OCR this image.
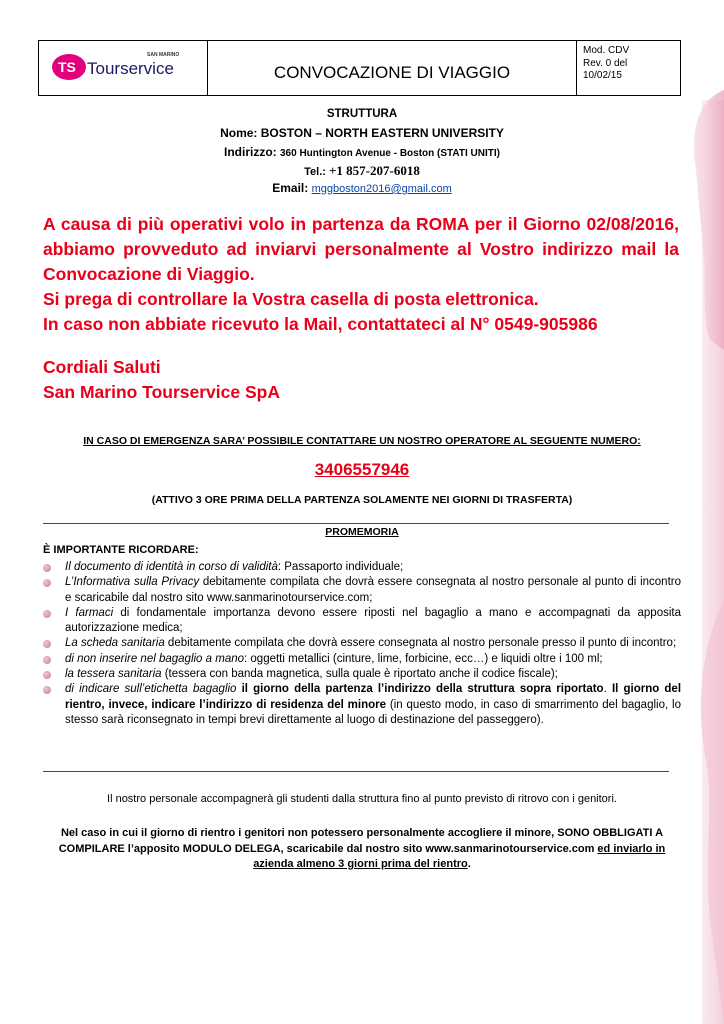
TS
SAN MARINO
Tourservice	CONVOCAZIONE DI VIAGGIO
Mod. CDV
Rev. 0 del
10/02/15
STRUTTURA
Nome: BOSTON – NORTH EASTERN UNIVERSITY
Indirizzo: 360 Huntington Avenue - Boston (STATI UNITI)
Tel.: +1 857-207-6018
Email: mggboston2016@gmail.com

A causa di più operativi volo in partenza da ROMA per il Giorno 02/08/2016,

abbiamo provveduto ad inviarvi personalmente al Vostro indirizzo mail la

Convocazione di Viaggio.

Si prega di controllare la Vostra casella di posta elettronica.

In caso non abbiate ricevuto la Mail, contattateci al N° 0549-905986

Cordiali Saluti
San Marino Tourservice SpA
IN CASO DI EMERGENZA SARA’ POSSIBILE CONTATTARE UN NOSTRO OPERATORE AL SEGUENTE NUMERO:
3406557946
(ATTIVO 3 ORE PRIMA DELLA PARTENZA SOLAMENTE NEI GIORNI DI TRASFERTA)
PROMEMORIA
È IMPORTANTE RICORDARE:
Il documento di identità in corso di validità: Passaporto individuale;
L’Informativa sulla Privacy debitamente compilata che dovrà essere consegnata al nostro personale al punto di incontro e scaricabile dal nostro sito www.sanmarinotourservice.com;
I farmaci di fondamentale importanza devono essere riposti nel bagaglio a mano e accompagnati da apposita autorizzazione medica;
La scheda sanitaria debitamente compilata che dovrà essere consegnata al nostro personale presso il punto di incontro;
di non inserire nel bagaglio a mano: oggetti metallici (cinture, lime, forbicine, ecc…) e liquidi oltre i 100 ml;
la tessera sanitaria (tessera con banda magnetica, sulla quale è riportato anche il codice fiscale);
di indicare sull’etichetta bagaglio il giorno della partenza l’indirizzo della struttura sopra riportato. Il giorno del rientro, invece, indicare l’indirizzo di residenza del minore (in questo modo, in caso di smarrimento del bagaglio, lo stesso sarà riconsegnato in tempi brevi direttamente al luogo di destinazione del passeggero).
Il nostro personale accompagnerà gli studenti dalla struttura fino al punto previsto di ritrovo con i genitori.
Nel caso in cui il giorno di rientro i genitori non potessero personalmente accogliere il minore, SONO OBBLIGATI A COMPILARE l’apposito MODULO DELEGA, scaricabile dal nostro sito www.sanmarinotourservice.com ed inviarlo in azienda almeno 3 giorni prima del rientro.
